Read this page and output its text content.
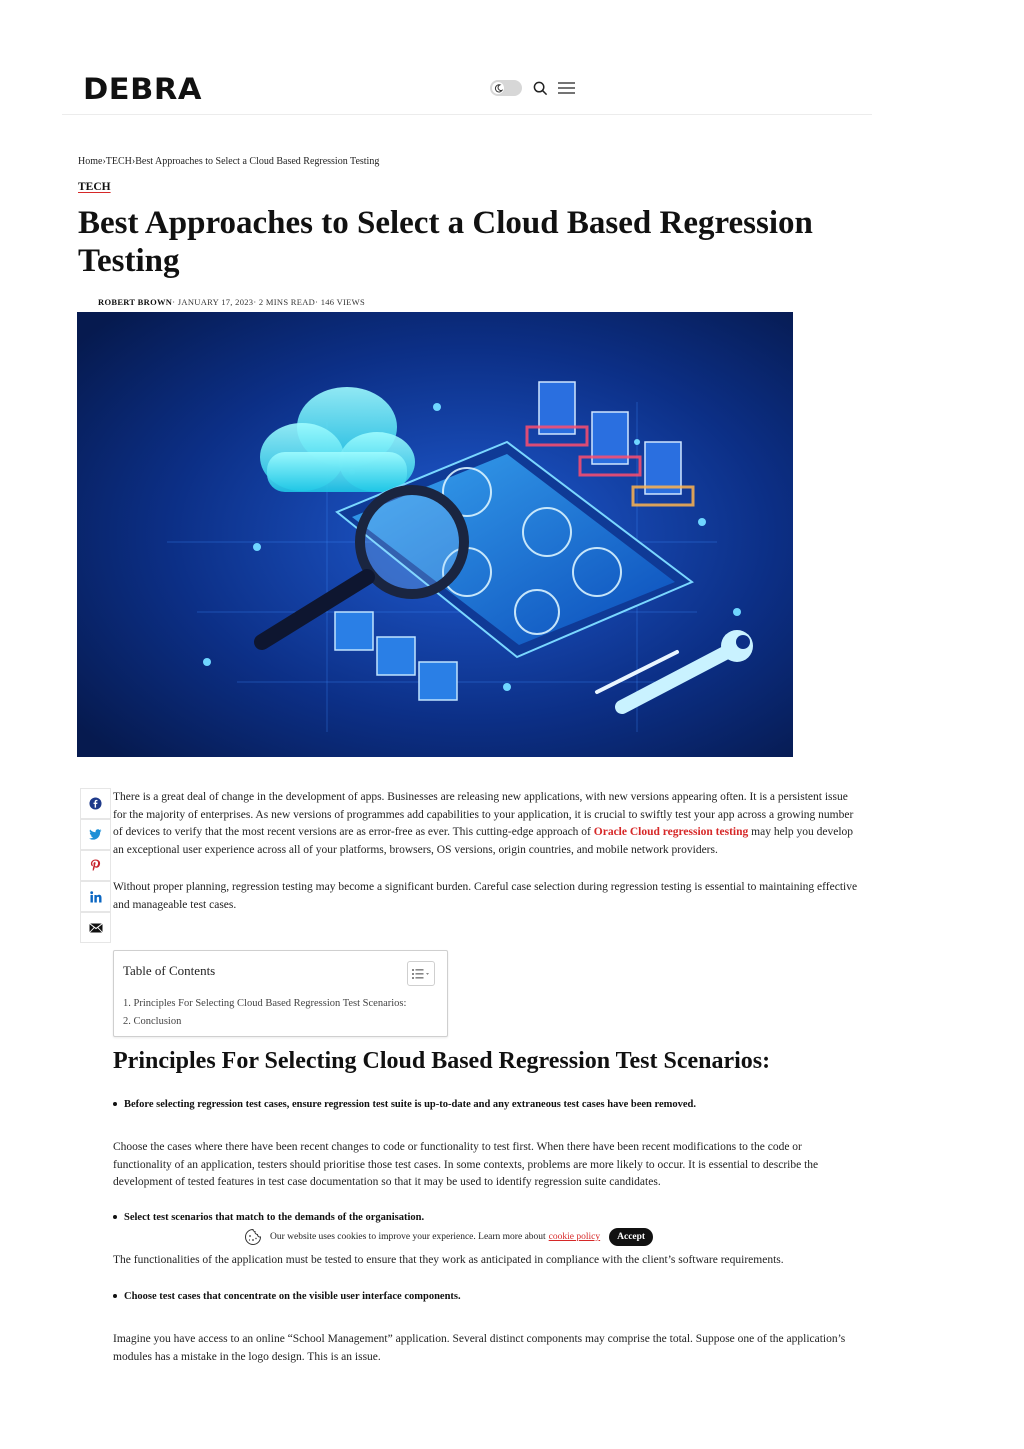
DEBRA
Home›TECH›Best Approaches to Select a Cloud Based Regression Testing
TECH
Best Approaches to Select a Cloud Based Regression Testing
ROBERT BROWN· JANUARY 17, 2023· 2 MINS READ· 146 VIEWS

There is a great deal of change in the development of apps. Businesses are releasing new applications, with new versions appearing often. It is a persistent issue for the majority of enterprises. As new versions of programmes add capabilities to your application, it is crucial to swiftly test your app across a growing number of devices to verify that the most recent versions are as error-free as ever. This cutting-edge approach of Oracle Cloud regression testing may help you develop an exceptional user experience across all of your platforms, browsers, OS versions, origin countries, and mobile network providers.

Without proper planning, regression testing may become a significant burden. Careful case selection during regression testing is essential to maintaining effective and manageable test cases.

Table of Contents
1. Principles For Selecting Cloud Based Regression Test Scenarios:
2. Conclusion
Principles For Selecting Cloud Based Regression Test Scenarios:
Before selecting regression test cases, ensure regression test suite is up-to-date and any extraneous test cases have been removed.
Choose the cases where there have been recent changes to code or functionality to test first. When there have been recent modifications to the code or functionality of an application, testers should prioritise those test cases. In some contexts, problems are more likely to occur. It is essential to describe the development of tested features in test case documentation so that it may be used to identify regression suite candidates.
Select test scenarios that match to the demands of the organisation.
Our website uses cookies to improve your experience. Learn more about cookie policy	Accept
The functionalities of the application must be tested to ensure that they work as anticipated in compliance with the client’s software requirements.
Choose test cases that concentrate on the visible user interface components.
Imagine you have access to an online “School Management” application. Several distinct components may comprise the total. Suppose one of the application’s modules has a mistake in the logo design. This is an issue.
